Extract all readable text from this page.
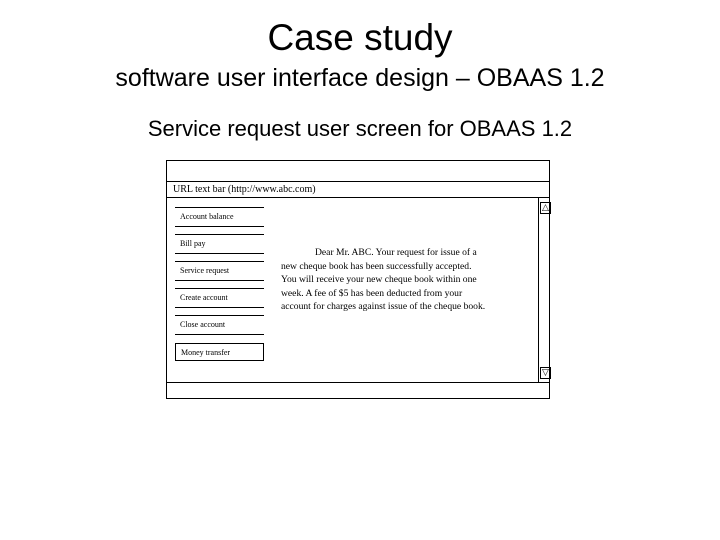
Case study
software user interface design – OBAAS 1.2
Service request user screen for OBAAS 1.2
URL text bar (http://www.abc.com)
Account balance
Bill pay
Service request
Create account
Close account
Money transfer
Dear Mr. ABC. Your request for issue of a
new cheque book has been successfully accepted.
You will receive your new cheque book within one
week. A fee of $5 has been deducted from your
account for charges against issue of the cheque book.
△
▽
